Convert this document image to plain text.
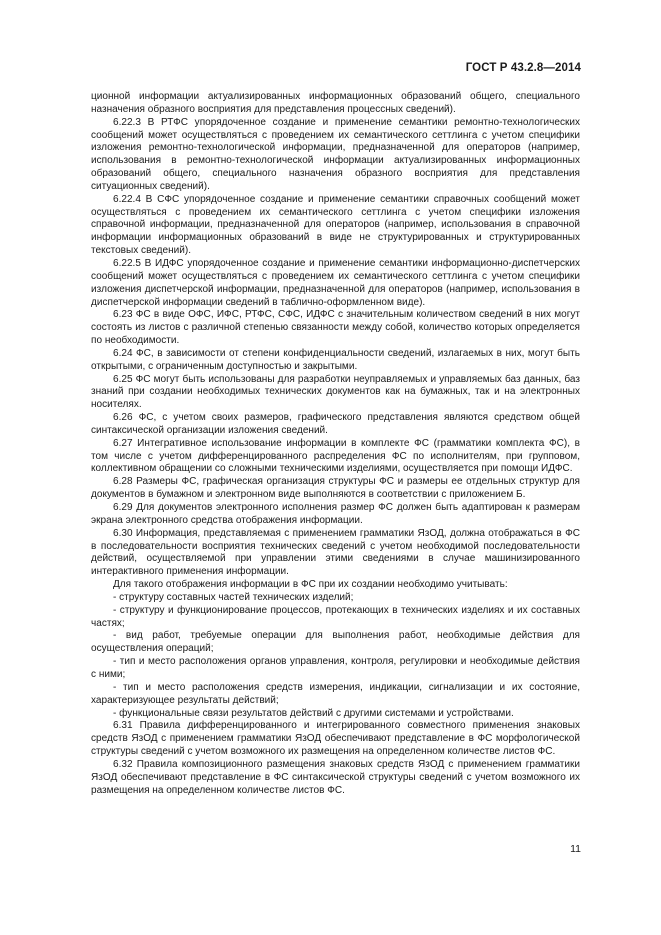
ГОСТ Р 43.2.8—2014

ционной информации актуализированных информационных образований общего, специального назначения образного восприятия для представления процессных сведений).

6.22.3 В РТФС упорядоченное создание и применение семантики ремонтно-технологических сообщений может осуществляться с проведением их семантического сеттлинга с учетом специфики изложения ремонтно-технологической информации, предназначенной для операторов (например, использования в ремонтно-технологической информации актуализированных информационных образований общего, специального назначения образного восприятия для представления ситуационных сведений).

6.22.4 В СФС упорядоченное создание и применение семантики справочных сообщений может осуществляться с проведением их семантического сеттлинга с учетом специфики изложения справочной информации, предназначенной для операторов (например, использования в справочной информации информационных образований в виде не структурированных и структурированных текстовых сведений).

6.22.5 В ИДФС упорядоченное создание и применение семантики информационно-диспетчерских сообщений может осуществляться с проведением их семантического сеттлинга с учетом специфики изложения диспетчерской информации, предназначенной для операторов (например, использования в диспетчерской информации сведений в таблично-оформленном виде).

6.23 ФС в виде ОФС, ИФС, РТФС, СФС, ИДФС с значительным количеством сведений в них могут состоять из листов с различной степенью связанности между собой, количество которых определяется по необходимости.

6.24 ФС, в зависимости от степени конфиденциальности сведений, излагаемых в них, могут быть открытыми, с ограниченным доступностью и закрытыми.

6.25 ФС могут быть использованы для разработки неуправляемых и управляемых баз данных, баз знаний при создании необходимых технических документов как на бумажных, так и на электронных носителях.

6.26 ФС, с учетом своих размеров, графического представления являются средством общей синтаксической организации изложения сведений.

6.27 Интегративное использование информации в комплекте ФС (грамматики комплекта ФС), в том числе с учетом дифференцированного распределения ФС по исполнителям, при групповом, коллективном обращении со сложными техническими изделиями, осуществляется при помощи ИДФС.

6.28 Размеры ФС, графическая организация структуры ФС и размеры ее отдельных структур для документов в бумажном и электронном виде выполняются в соответствии с приложением Б.

6.29 Для документов электронного исполнения размер ФС должен быть адаптирован к размерам экрана электронного средства отображения информации.

6.30 Информация, представляемая с применением грамматики ЯзОД, должна отображаться в ФС в последовательности восприятия технических сведений с учетом необходимой последовательности действий, осуществляемой при управлении этими сведениями в случае машинизированного интерактивного применения информации.

Для такого отображения информации в ФС при их создании необходимо учитывать:

- структуру составных частей технических изделий;

- структуру и функционирование процессов, протекающих в технических изделиях и их составных частях;

- вид работ, требуемые операции для выполнения работ, необходимые действия для осуществления операций;

- тип и место расположения органов управления, контроля, регулировки и необходимые действия с ними;

- тип и место расположения средств измерения, индикации, сигнализации и их состояние, характеризующее результаты действий;

- функциональные связи результатов действий с другими системами и устройствами.

6.31 Правила дифференцированного и интегрированного совместного применения знаковых средств ЯзОД с применением грамматики ЯзОД обеспечивают представление в ФС морфологической структуры сведений с учетом возможного их размещения на определенном количестве листов ФС.

6.32 Правила композиционного размещения знаковых средств ЯзОД с применением грамматики ЯзОД обеспечивают представление в ФС синтаксической структуры сведений с учетом возможного их размещения на определенном количестве листов ФС.

11
